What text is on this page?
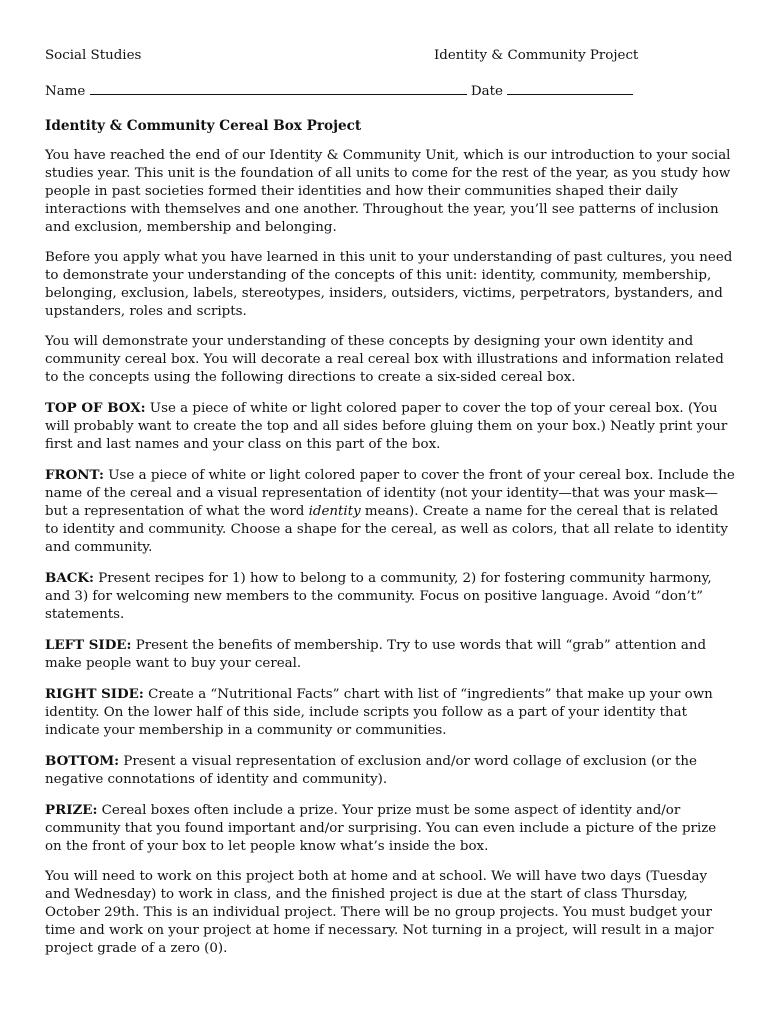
Social Studies	Identity & Community Project
Name	Date
Identity & Community Cereal Box Project

You have reached the end of our Identity & Community Unit, which is our introduction to your social studies year. This unit is the foundation of all units to come for the rest of the year, as you study how people in past societies formed their identities and how their communities shaped their daily interactions with themselves and one another. Throughout the year, you’ll see patterns of inclusion and exclusion, membership and belonging.

Before you apply what you have learned in this unit to your understanding of past cultures, you need to demonstrate your understanding of the concepts of this unit: identity, community, membership, belonging, exclusion, labels, stereotypes, insiders, outsiders, victims, perpetrators, bystanders, and upstanders, roles and scripts.

You will demonstrate your understanding of these concepts by designing your own identity and community cereal box. You will decorate a real cereal box with illustrations and information related to the concepts using the following directions to create a six-sided cereal box.

TOP OF BOX: Use a piece of white or light colored paper to cover the top of your cereal box. (You will probably want to create the top and all sides before gluing them on your box.) Neatly print your first and last names and your class on this part of the box.

FRONT: Use a piece of white or light colored paper to cover the front of your cereal box. Include the name of the cereal and a visual representation of identity (not your identity—that was your mask—but a representation of what the word identity means). Create a name for the cereal that is related to identity and community. Choose a shape for the cereal, as well as colors, that all relate to identity and community.

BACK: Present recipes for 1) how to belong to a community, 2) for fostering community harmony, and 3) for welcoming new members to the community. Focus on positive language. Avoid “don’t” statements.

LEFT SIDE: Present the benefits of membership. Try to use words that will “grab” attention and make people want to buy your cereal.

RIGHT SIDE: Create a “Nutritional Facts” chart with list of “ingredients” that make up your own identity. On the lower half of this side, include scripts you follow as a part of your identity that indicate your membership in a community or communities.

BOTTOM: Present a visual representation of exclusion and/or word collage of exclusion (or the negative connotations of identity and community).

PRIZE: Cereal boxes often include a prize. Your prize must be some aspect of identity and/or community that you found important and/or surprising. You can even include a picture of the prize on the front of your box to let people know what’s inside the box.

You will need to work on this project both at home and at school. We will have two days (Tuesday and Wednesday) to work in class, and the finished project is due at the start of class Thursday, October 29th. This is an individual project. There will be no group projects. You must budget your time and work on your project at home if necessary. Not turning in a project, will result in a major project grade of a zero (0).
